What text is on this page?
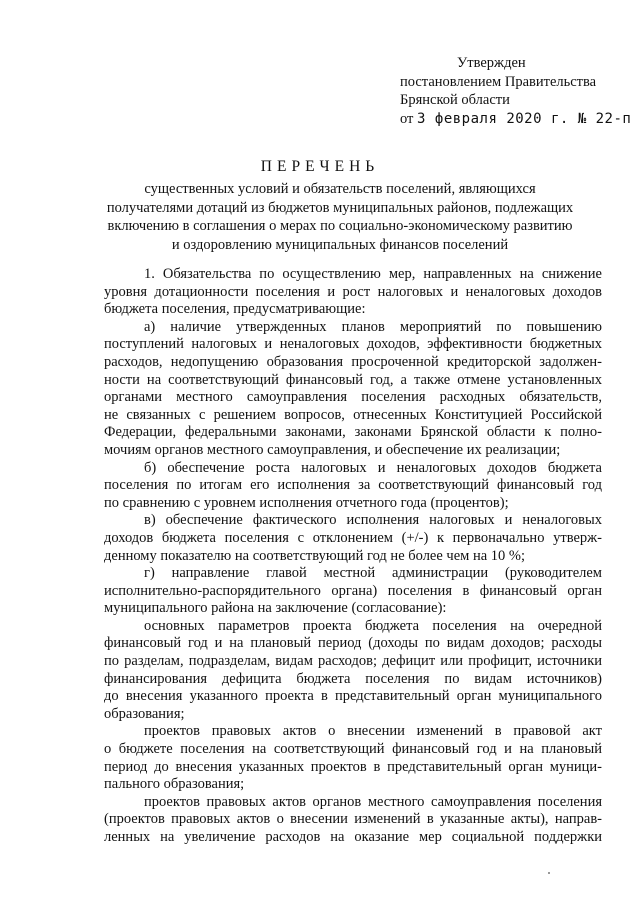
Утвержден
постановлением Правительства
Брянской области
от 3 февраля 2020 г. № 22-п
ПЕРЕЧЕНЬ
существенных условий и обязательств поселений, являющихся
получателями дотаций из бюджетов муниципальных районов, подлежащих
включению в соглашения о мерах по социально-экономическому развитию
и оздоровлению муниципальных финансов поселений
1. Обязательства по осуществлению мер, направленных на снижение
уровня дотационности поселения и рост налоговых и неналоговых доходов
бюджета поселения, предусматривающие:
а) наличие утвержденных планов мероприятий по повышению
поступлений налоговых и неналоговых доходов, эффективности бюджетных
расходов, недопущению образования просроченной кредиторской задолжен-
ности на соответствующий финансовый год, а также отмене установленных
органами местного самоуправления поселения расходных обязательств,
не связанных с решением вопросов, отнесенных Конституцией Российской
Федерации, федеральными законами, законами Брянской области к полно-
мочиям органов местного самоуправления, и обеспечение их реализации;
б) обеспечение роста налоговых и неналоговых доходов бюджета
поселения по итогам его исполнения за соответствующий финансовый год
по сравнению с уровнем исполнения отчетного года (процентов);
в) обеспечение фактического исполнения налоговых и неналоговых
доходов бюджета поселения с отклонением (+/-) к первоначально утверж-
денному показателю на соответствующий год не более чем на 10 %;
г) направление главой местной администрации (руководителем
исполнительно-распорядительного органа) поселения в финансовый орган
муниципального района на заключение (согласование):
основных параметров проекта бюджета поселения на очередной
финансовый год и на плановый период (доходы по видам доходов; расходы
по разделам, подразделам, видам расходов; дефицит или профицит, источники
финансирования дефицита бюджета поселения по видам источников)
до внесения указанного проекта в представительный орган муниципального
образования;
проектов правовых актов о внесении изменений в правовой акт
о бюджете поселения на соответствующий финансовый год и на плановый
период до внесения указанных проектов в представительный орган муници-
пального образования;
проектов правовых актов органов местного самоуправления поселения
(проектов правовых актов о внесении изменений в указанные акты), направ-
ленных на увеличение расходов на оказание мер социальной поддержки
